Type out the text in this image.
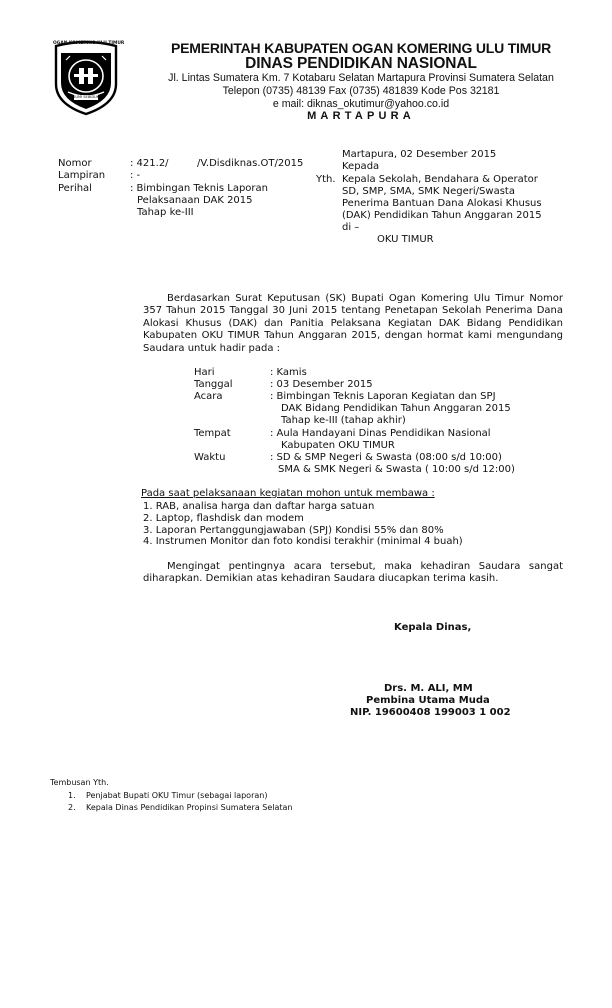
OGAN KOMERING ULU TIMUR
BUMI SEBIDUK
PEMERINTAH KABUPATEN OGAN KOMERING ULU TIMUR
DINAS PENDIDIKAN NASIONAL
Jl. Lintas Sumatera Km. 7 Kotabaru Selatan Martapura Provinsi Sumatera Selatan
Telepon (0735) 48139 Fax (0735) 481839 Kode Pos 32181
e mail: diknas_okutimur@yahoo.co.id
MARTAPURA
Nomor	: 421.2/	/V.Disdiknas.OT/2015
Lampiran : -
Perihal	: Bimbingan Teknis Laporan
Pelaksanaan DAK 2015
Tahap ke-III
Martapura, 02 Desember 2015
Kepada
Yth. Kepala Sekolah, Bendahara & Operator
SD, SMP, SMA, SMK Negeri/Swasta
Penerima Bantuan Dana Alokasi Khusus
(DAK) Pendidikan Tahun Anggaran 2015
di –
OKU TIMUR
Berdasarkan Surat Keputusan (SK) Bupati Ogan Komering Ulu Timur Nomor 357 Tahun 2015 Tanggal 30 Juni 2015 tentang Penetapan Sekolah Penerima Dana Alokasi Khusus (DAK) dan Panitia Pelaksana Kegiatan DAK Bidang Pendidikan Kabupaten OKU TIMUR Tahun Anggaran 2015, dengan hormat kami mengundang Saudara untuk hadir pada :
Hari	: Kamis
Tanggal	: 03 Desember 2015
Acara	: Bimbingan Teknis Laporan Kegiatan dan SPJ
DAK Bidang Pendidikan Tahun Anggaran 2015
Tahap ke-III (tahap akhir)
Tempat	: Aula Handayani Dinas Pendidikan Nasional
Kabupaten OKU TIMUR
Waktu	: SD & SMP Negeri & Swasta (08:00 s/d 10:00)
SMA & SMK Negeri & Swasta ( 10:00 s/d 12:00)
Pada saat pelaksanaan kegiatan mohon untuk membawa :
1. RAB, analisa harga dan daftar harga satuan
2. Laptop, flashdisk dan modem
3. Laporan Pertanggungjawaban (SPJ) Kondisi 55% dan 80%
4. Instrumen Monitor dan foto kondisi terakhir (minimal 4 buah)
Mengingat pentingnya acara tersebut, maka kehadiran Saudara sangat diharapkan. Demikian atas kehadiran Saudara diucapkan terima kasih.
Kepala Dinas,
Drs. M. ALI, MM
Pembina Utama Muda
NIP. 19600408 199003 1 002
Tembusan Yth.
1. Penjabat Bupati OKU Timur (sebagai laporan)
2. Kepala Dinas Pendidikan Propinsi Sumatera Selatan
